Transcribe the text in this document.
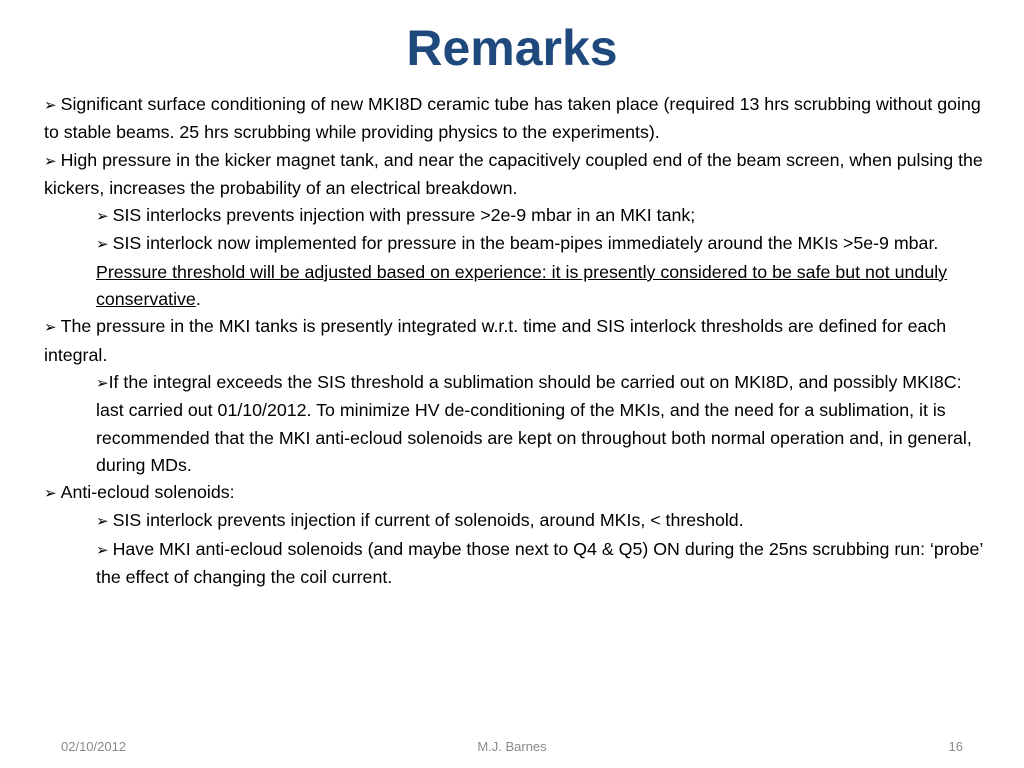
Remarks

➢ Significant surface conditioning of new MKI8D ceramic tube has taken place (required 13 hrs scrubbing without going to stable beams. 25 hrs scrubbing while providing physics to the experiments).

➢ High pressure in the kicker magnet tank, and near the capacitively coupled end of the beam screen, when pulsing the kickers, increases the probability of an electrical breakdown.

➢ SIS interlocks prevents injection with pressure >2e-9 mbar in an MKI tank;

➢ SIS interlock now implemented for pressure in the beam-pipes immediately around the MKIs >5e-9 mbar. Pressure threshold will be adjusted based on experience: it is presently considered to be safe but not unduly conservative.

➢ The pressure in the MKI tanks is presently integrated w.r.t. time and SIS interlock thresholds are defined for each integral.

➢If the integral exceeds the SIS threshold a sublimation should be carried out on MKI8D, and possibly MKI8C: last carried out 01/10/2012. To minimize HV de-conditioning of the MKIs, and the need for a sublimation, it is recommended that the MKI anti-ecloud solenoids are kept on throughout both normal operation and, in general, during MDs.

➢ Anti-ecloud solenoids:

➢ SIS interlock prevents injection if current of solenoids, around MKIs, < threshold.

➢ Have MKI anti-ecloud solenoids (and maybe those next to Q4 & Q5) ON during the 25ns scrubbing run: ‘probe’ the effect of changing the coil current.

02/10/2012	M.J. Barnes	16
